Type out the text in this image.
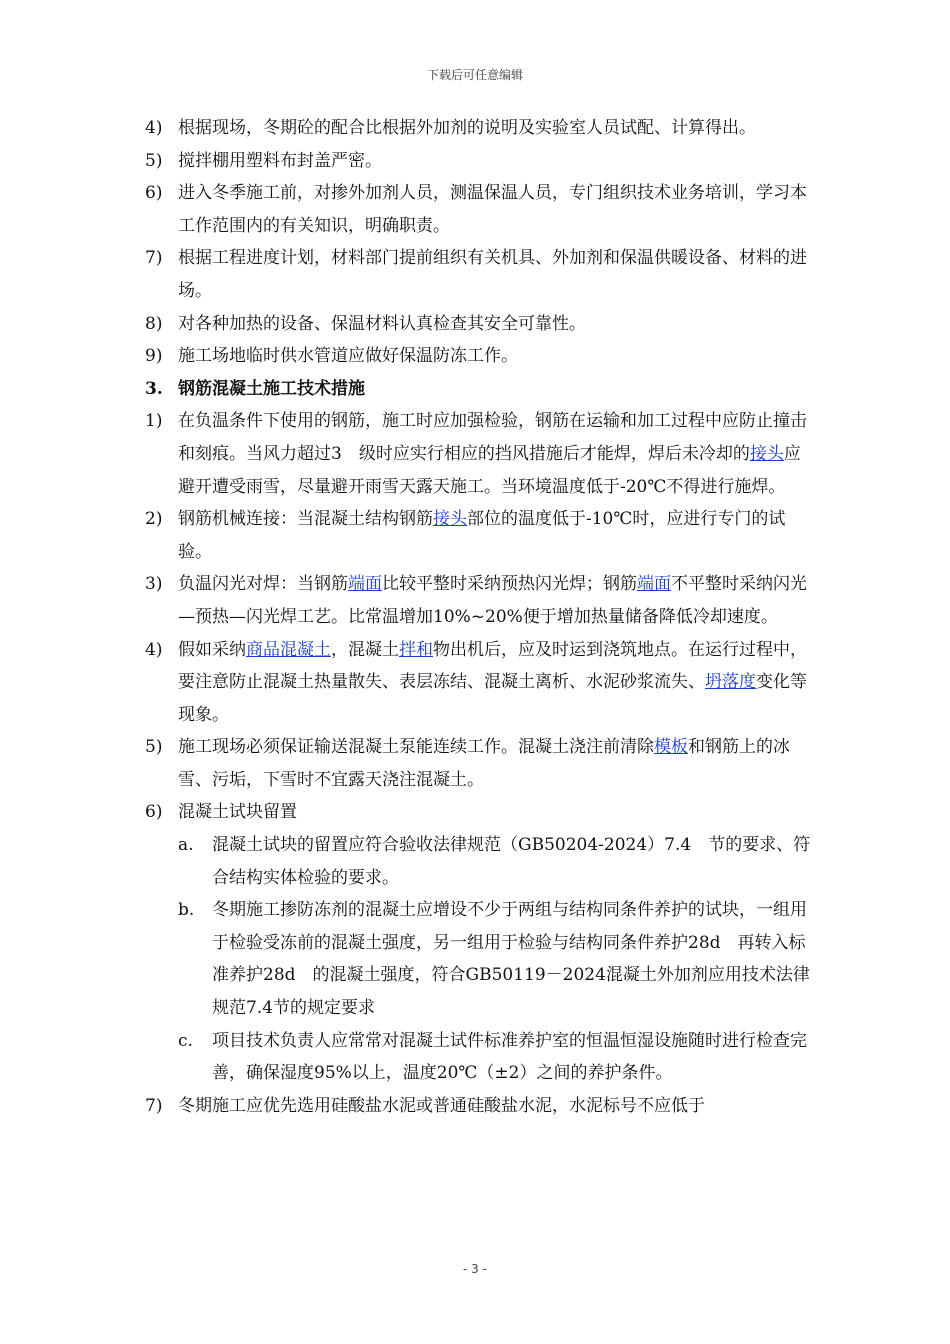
下载后可任意编辑
4) 根据现场，冬期砼的配合比根据外加剂的说明及实验室人员试配、计算得出。
5) 搅拌棚用塑料布封盖严密。
6) 进入冬季施工前，对掺外加剂人员，测温保温人员，专门组织技术业务培训，学习本工作范围内的有关知识，明确职责。
7) 根据工程进度计划，材料部门提前组织有关机具、外加剂和保温供暖设备、材料的进场。
8) 对各种加热的设备、保温材料认真检查其安全可靠性。
9) 施工场地临时供水管道应做好保温防冻工作。
3. 钢筋混凝土施工技术措施
1) 在负温条件下使用的钢筋，施工时应加强检验，钢筋在运输和加工过程中应防止撞击和刻痕。当风力超过3　级时应实行相应的挡风措施后才能焊，焊后未冷却的接头应避开遭受雨雪，尽量避开雨雪天露天施工。当环境温度低于-20℃不得进行施焊。
2) 钢筋机械连接：当混凝土结构钢筋接头部位的温度低于-10℃时，应进行专门的试验。
3) 负温闪光对焊：当钢筋端面比较平整时采纳预热闪光焊；钢筋端面不平整时采纳闪光—预热—闪光焊工艺。比常温增加10%~20%便于增加热量储备降低冷却速度。
4) 假如采纳商品混凝土，混凝土拌和物出机后，应及时运到浇筑地点。在运行过程中，要注意防止混凝土热量散失、表层冻结、混凝土离析、水泥砂浆流失、坍落度变化等现象。
5) 施工现场必须保证输送混凝土泵能连续工作。混凝土浇注前清除模板和钢筋上的冰雪、污垢，下雪时不宜露天浇注混凝土。
6) 混凝土试块留置
a.	混凝土试块的留置应符合验收法律规范（GB50204-2024）7.4　节的要求、符合结构实体检验的要求。
b.	冬期施工掺防冻剂的混凝土应增设不少于两组与结构同条件养护的试块，一组用于检验受冻前的混凝土强度，另一组用于检验与结构同条件养护28d　再转入标准养护28d　的混凝土强度，符合GB50119－2024混凝土外加剂应用技术法律规范7.4节的规定要求
c.	项目技术负责人应常常对混凝土试件标准养护室的恒温恒湿设施随时进行检查完善，确保湿度95%以上，温度20℃（±2）之间的养护条件。
7) 冬期施工应优先选用硅酸盐水泥或普通硅酸盐水泥，水泥标号不应低于
- 3 -
